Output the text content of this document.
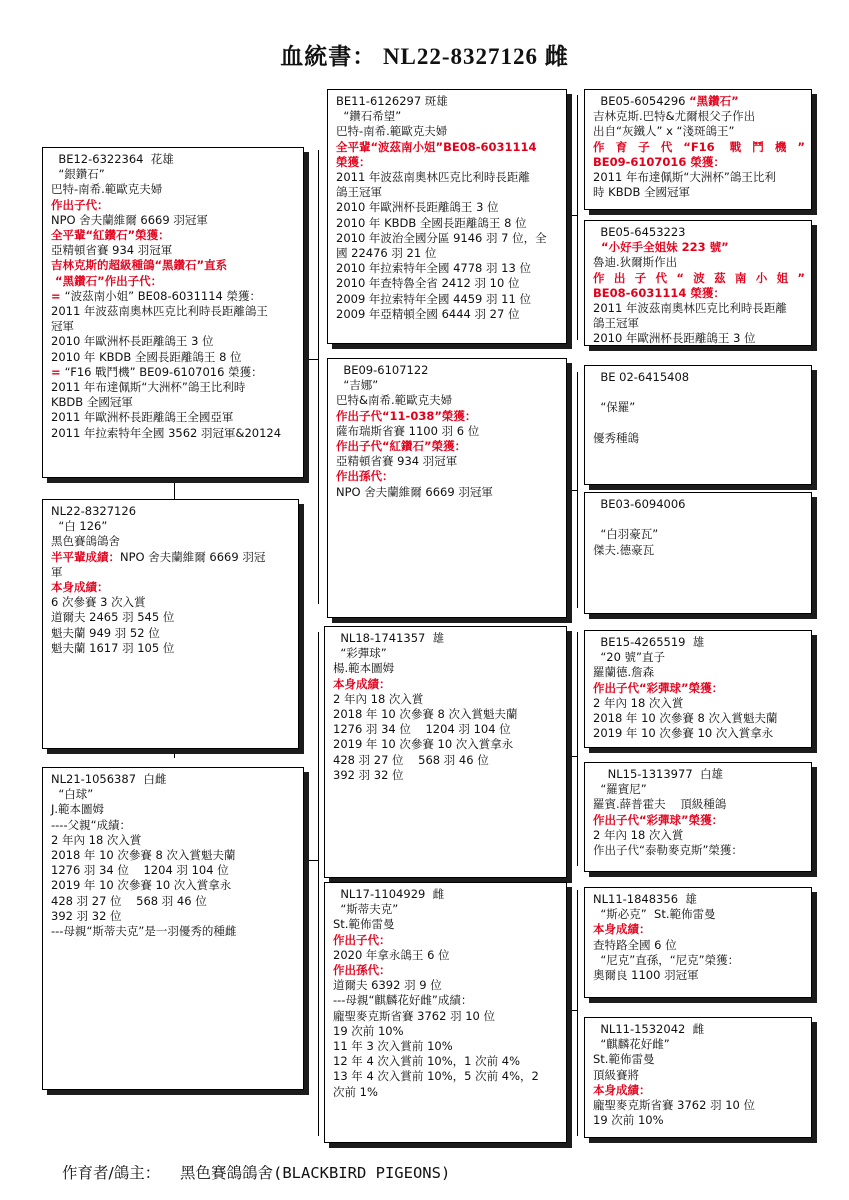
血統書： NL22-8327126 雌
NL22-8327126
“白 126”
黑色賽鴿鴿舍
半平輩成績：NPO 舍夫蘭維爾 6669 羽冠
軍
本身成績：
6 次參賽 3 次入賞
道爾夫 2465 羽 545 位
魁夫蘭 949 羽 52 位
魁夫蘭 1617 羽 105 位
BE12-6322364  花雄
“銀鑽石”
巴特-南希.範歐克夫婦
作出子代：
NPO 舍夫蘭維爾 6669 羽冠軍
全平輩“紅鑽石”榮獲：
亞精頓省賽 934 羽冠軍
吉林克斯的超級種鴿“黑鑽石”直系
“黑鑽石”作出子代：
= “波茲南小姐” BE08-6031114 榮獲：
2011 年波茲南奧林匹克比利時長距離鴿王
冠軍
2010 年歐洲杯長距離鴿王 3 位
2010 年 KBDB 全國長距離鴿王 8 位
= “F16 戰鬥機” BE09-6107016 榮獲：
2011 年布達佩斯“大洲杯”鴿王比利時
KBDB 全國冠軍
2011 年歐洲杯長距離鴿王全國亞軍
2011 年拉索特年全國 3562 羽冠軍&20124
NL21-1056387  白雌
“白球”
J.範本圖姆
----父親“成績：
2 年內 18 次入賞
2018 年 10 次參賽 8 次入賞魁夫蘭
1276 羽 34 位    1204 羽 104 位
2019 年 10 次參賽 10 次入賞拿永
428 羽 27 位    568 羽 46 位
392 羽 32 位
---母親“斯蒂夫克”是一羽優秀的種雌
BE11-6126297 斑雄
“鑽石希望”
巴特-南希.範歐克夫婦
全平輩“波茲南小姐”BE08-6031114
榮獲：
2011 年波茲南奧林匹克比利時長距離
鴿王冠軍
2010 年歐洲杯長距離鴿王 3 位
2010 年 KBDB 全國長距離鴿王 8 位
2010 年波治全國分區 9146 羽 7 位，全
國 22476 羽 21 位
2010 年拉索特年全國 4778 羽 13 位
2010 年查特魯全省 2412 羽 10 位
2009 年拉索特年全國 4459 羽 11 位
2009 年亞精頓全國 6444 羽 27 位
BE09-6107122
“吉娜”
巴特&南希.範歐克夫婦
作出子代“11-038”榮獲：
薩布瑞斯省賽 1100 羽 6 位
作出子代“紅鑽石”榮獲：
亞精頓省賽 934 羽冠軍
作出孫代：
NPO 舍夫蘭維爾 6669 羽冠軍
NL18-1741357  雄
“彩彈球”
楊.範本圖姆
本身成績：
2 年內 18 次入賞
2018 年 10 次參賽 8 次入賞魁夫蘭
1276 羽 34 位    1204 羽 104 位
2019 年 10 次參賽 10 次入賞拿永
428 羽 27 位    568 羽 46 位
392 羽 32 位
NL17-1104929  雌
“斯蒂夫克”
St.範佈雷曼
作出子代：
2020 年拿永鴿王 6 位
作出孫代：
道爾夫 6392 羽 9 位
---母親“麒麟花好雌”成績：
龐聖麥克斯省賽 3762 羽 10 位
19 次前 10%
11 年 3 次入賞前 10%
12 年 4 次入賞前 10%，1 次前 4%
13 年 4 次入賞前 10%，5 次前 4%，2
次前 1%
BE05-6054296 “黑鑽石”
吉林克斯.巴特&尤爾根父子作出
出自“灰鐵人” x “淺斑鴿王”
作育子代“F16 戰鬥機”
BE09-6107016 榮獲：
2011 年布達佩斯“大洲杯”鴿王比利
時 KBDB 全國冠軍
BE05-6453223
“小好手全姐妹 223 號”
魯迪.狄爾斯作出
作出子代“波茲南小姐”
BE08-6031114 榮獲：
2011 年波茲南奧林匹克比利時長距離
鴿王冠軍
2010 年歐洲杯長距離鴿王 3 位
BE 02-6415408

“保羅”

優秀種鴿
BE03-6094006

“白羽豪瓦”
傑夫.德豪瓦
BE15-4265519  雄
“20 號”直子
羅蘭德.詹森
作出子代“彩彈球”榮獲：
2 年內 18 次入賞
2018 年 10 次參賽 8 次入賞魁夫蘭
2019 年 10 次參賽 10 次入賞拿永
NL15-1313977  白雄
“羅賓尼”
羅賓.薛普霍夫    頂級種鴿
作出子代“彩彈球”榮獲：
2 年內 18 次入賞
作出子代“泰勒麥克斯”榮獲：
NL11-1848356  雄
“斯必克”  St.範佈雷曼
本身成績：
查特路全國 6 位
“尼克”直孫，“尼克”榮獲：
奧爾良 1100 羽冠軍
NL11-1532042  雌
“麒麟花好雌”
St.範佈雷曼
頂級賽將
本身成績：
龐聖麥克斯省賽 3762 羽 10 位
19 次前 10%
作育者/鴿主： 黑色賽鴿鴿舍(BLACKBIRD PIGEONS)
